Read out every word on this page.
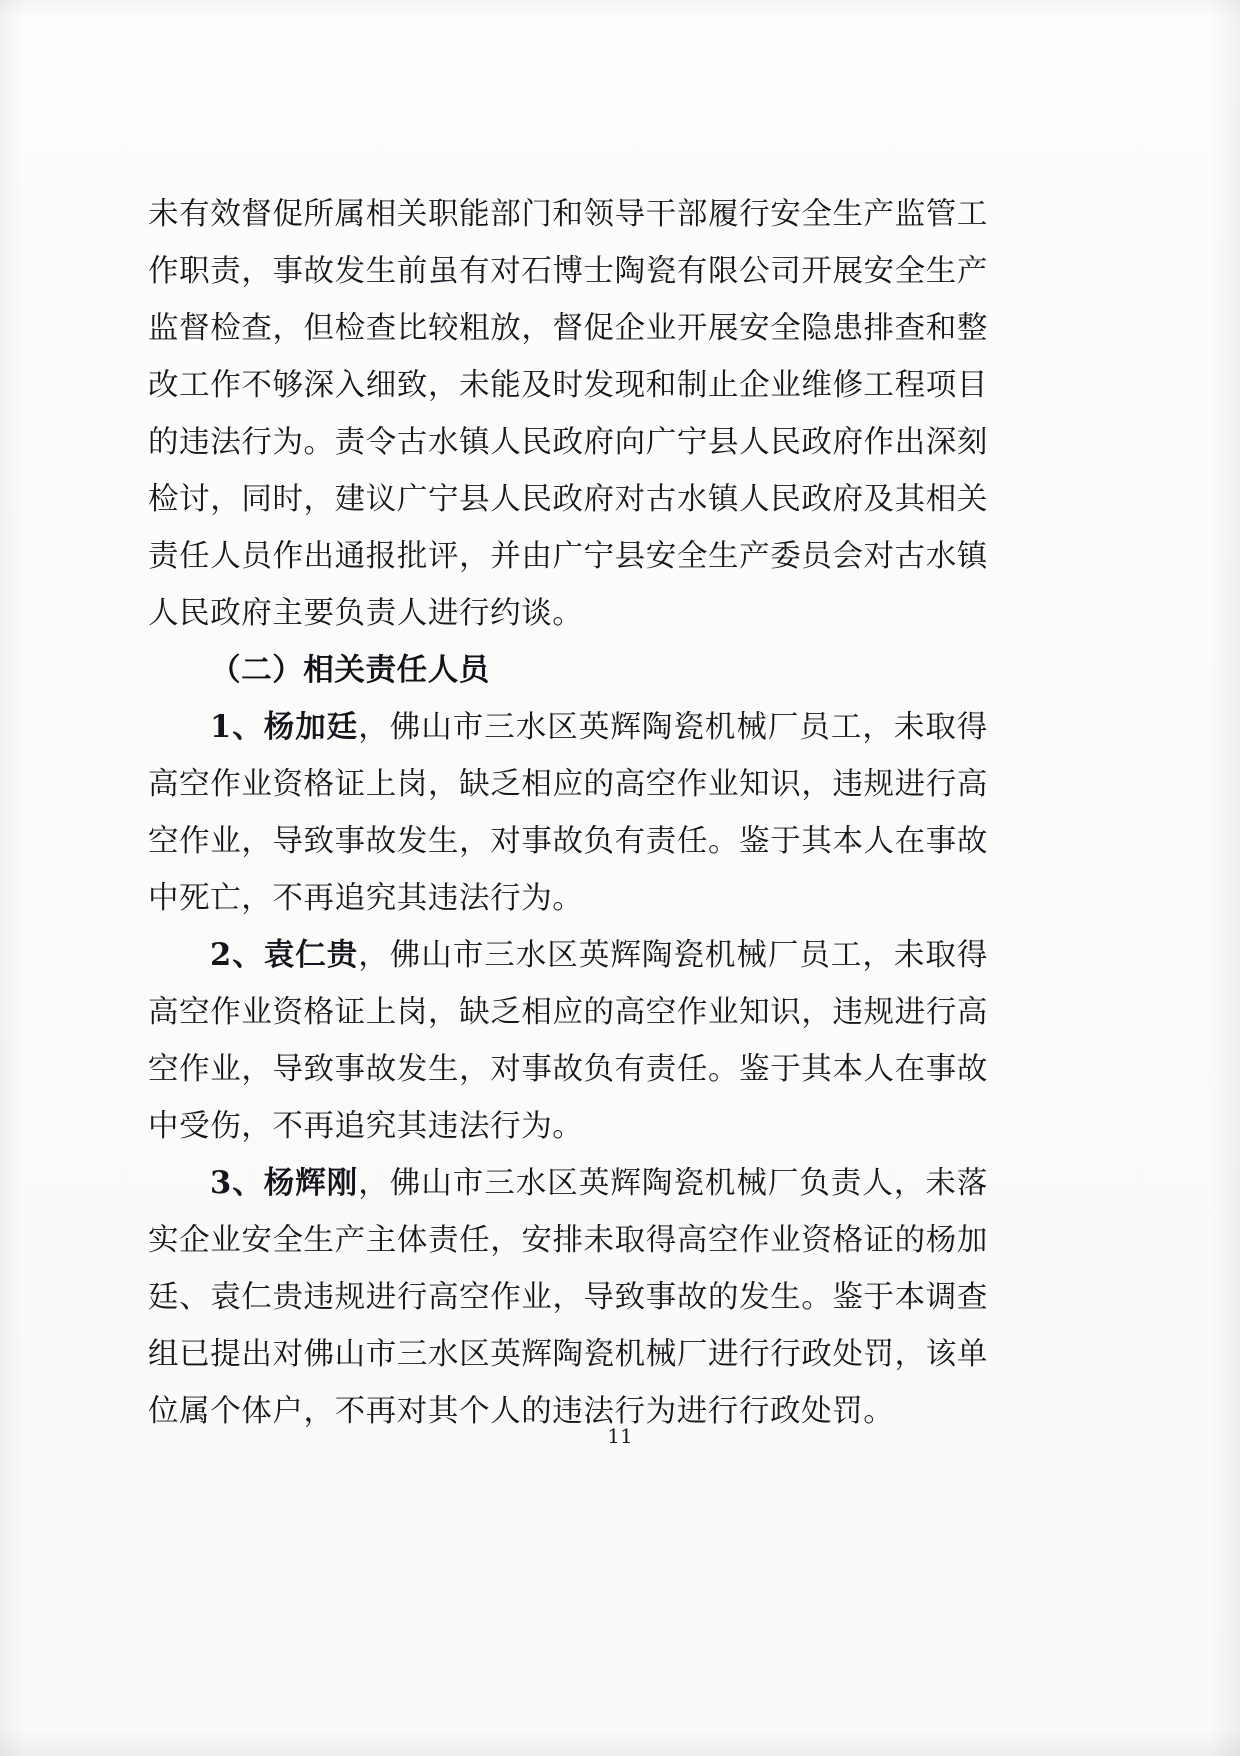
未有效督促所属相关职能部门和领导干部履行安全生产监管工作职责，事故发生前虽有对石博士陶瓷有限公司开展安全生产监督检查，但检查比较粗放，督促企业开展安全隐患排查和整改工作不够深入细致，未能及时发现和制止企业维修工程项目的违法行为。责令古水镇人民政府向广宁县人民政府作出深刻检讨，同时，建议广宁县人民政府对古水镇人民政府及其相关责任人员作出通报批评，并由广宁县安全生产委员会对古水镇人民政府主要负责人进行约谈。

（二）相关责任人员

1、杨加廷，佛山市三水区英辉陶瓷机械厂员工，未取得高空作业资格证上岗，缺乏相应的高空作业知识，违规进行高空作业，导致事故发生，对事故负有责任。鉴于其本人在事故中死亡，不再追究其违法行为。

2、袁仁贵，佛山市三水区英辉陶瓷机械厂员工，未取得高空作业资格证上岗，缺乏相应的高空作业知识，违规进行高空作业，导致事故发生，对事故负有责任。鉴于其本人在事故中受伤，不再追究其违法行为。

3、杨辉刚，佛山市三水区英辉陶瓷机械厂负责人，未落实企业安全生产主体责任，安排未取得高空作业资格证的杨加廷、袁仁贵违规进行高空作业，导致事故的发生。鉴于本调查组已提出对佛山市三水区英辉陶瓷机械厂进行行政处罚，该单位属个体户，不再对其个人的违法行为进行行政处罚。

11
